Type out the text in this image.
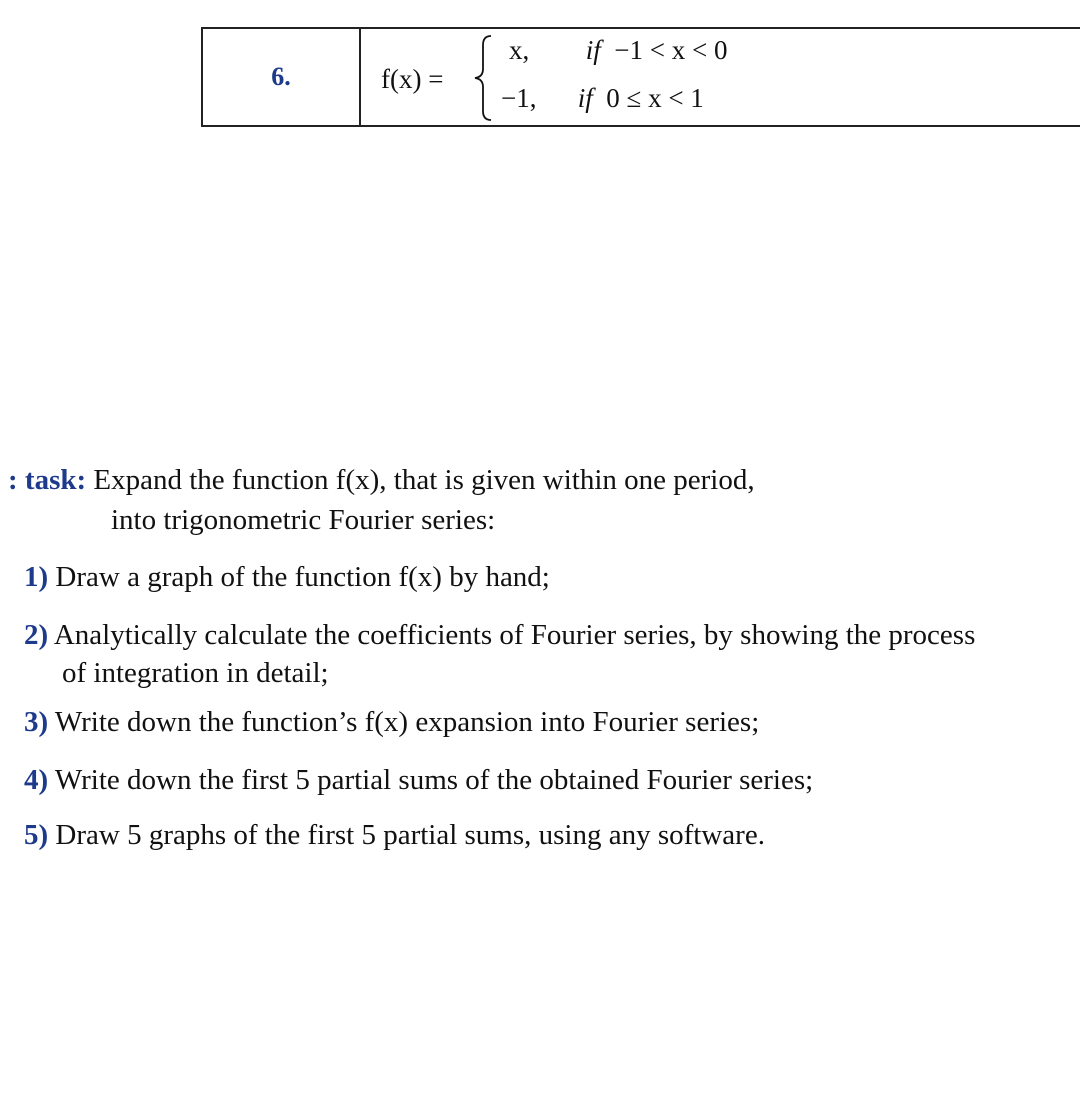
6.	f(x) =
x, if −1 < x < 0
−1, if 0 ≤ x < 1
: task: Expand the function f(x), that is given within one period,
into trigonometric Fourier series:
1) Draw a graph of the function f(x) by hand;
2) Analytically calculate the coefficients of Fourier series, by showing the process
of integration in detail;
3) Write down the function’s f(x) expansion into Fourier series;
4) Write down the first 5 partial sums of the obtained Fourier series;
5) Draw 5 graphs of the first 5 partial sums, using any software.
